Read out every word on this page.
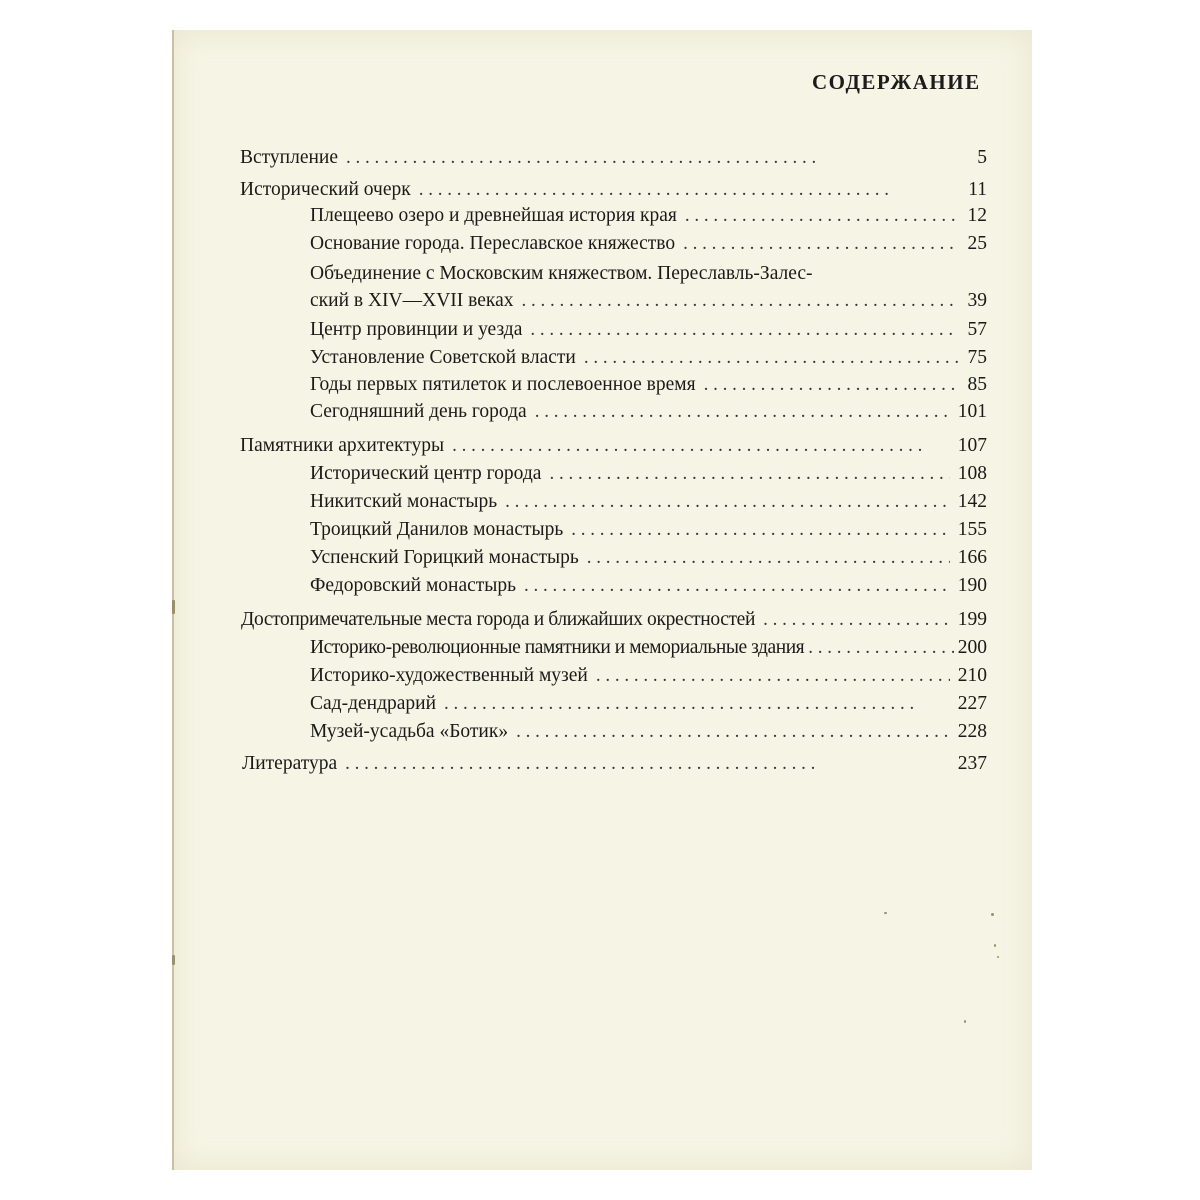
СОДЕРЖАНИЕ
Вступление . .	5
Исторический очерк . .	11
Плещеево озеро и древнейшая история края . .	12
Основание города. Переславское княжество . .	25
Объединение с Московским княжеством. Переславль-Залес-
ский в XIV—XVII веках . .	39
Центр провинции и уезда . .	57
Установление Советской власти . .	75
Годы первых пятилеток и послевоенное время . .	85
Сегодняшний день города . .	101
Памятники архитектуры . .	107
Исторический центр города . .	108
Никитский монастырь . .	142
Троицкий Данилов монастырь . .	155
Успенский Горицкий монастырь . .	166
Федоровский монастырь . .	190
Достопримечательные места города и ближайших окрестностей . .	199
Историко-революционные памятники и мемориальные здания . .	200
Историко-художественный музей . .	210
Сад-дендрарий . .	227
Музей-усадьба «Ботик» . .	228
Литература . .	237
